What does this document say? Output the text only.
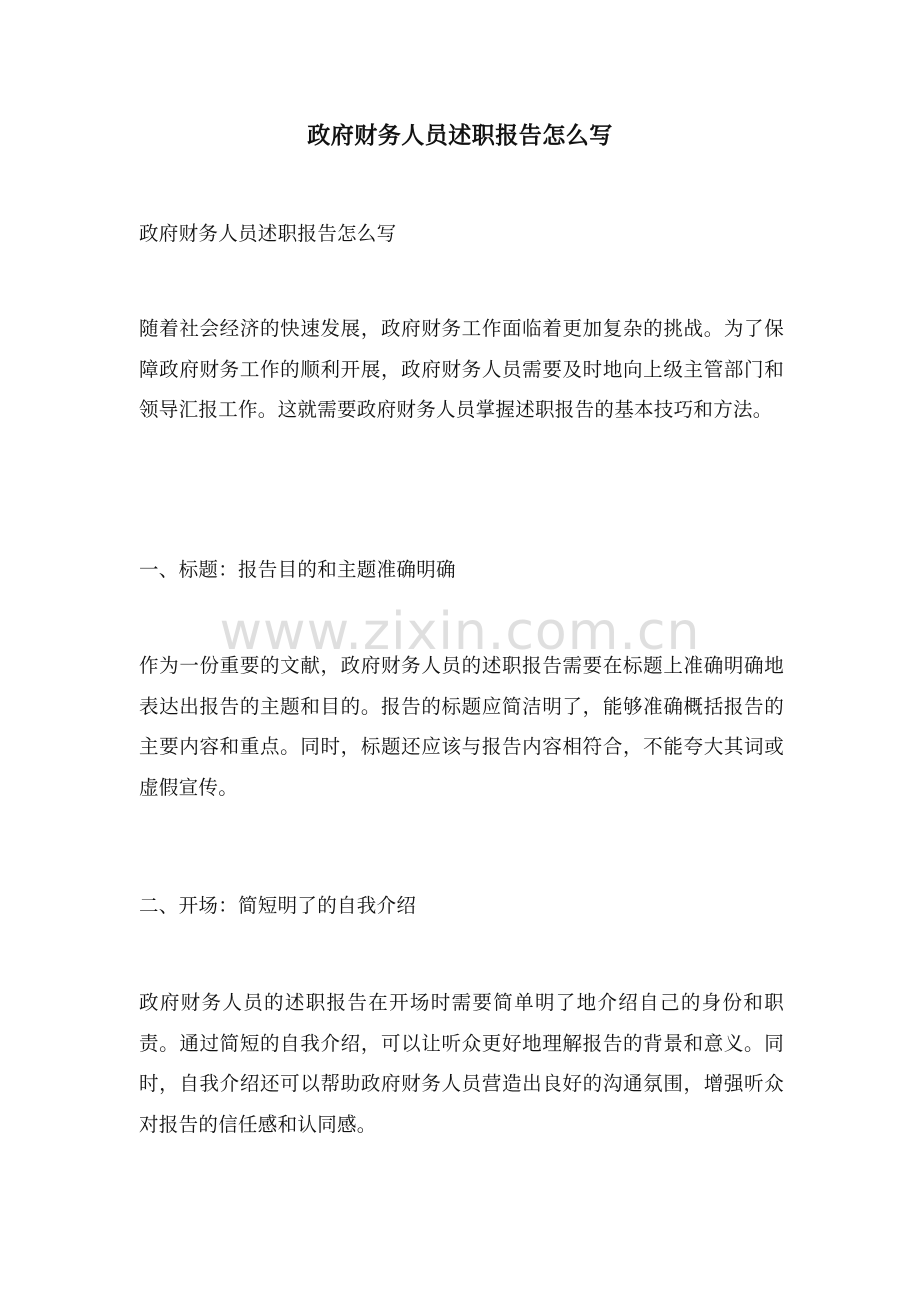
政府财务人员述职报告怎么写
政府财务人员述职报告怎么写
随着社会经济的快速发展，政府财务工作面临着更加复杂的挑战。为了保障政府财务工作的顺利开展，政府财务人员需要及时地向上级主管部门和领导汇报工作。这就需要政府财务人员掌握述职报告的基本技巧和方法。
一、标题：报告目的和主题准确明确
作为一份重要的文献，政府财务人员的述职报告需要在标题上准确明确地表达出报告的主题和目的。报告的标题应简洁明了，能够准确概括报告的主要内容和重点。同时，标题还应该与报告内容相符合，不能夸大其词或虚假宣传。
二、开场：简短明了的自我介绍
政府财务人员的述职报告在开场时需要简单明了地介绍自己的身份和职责。通过简短的自我介绍，可以让听众更好地理解报告的背景和意义。同时，自我介绍还可以帮助政府财务人员营造出良好的沟通氛围，增强听众对报告的信任感和认同感。
www.zixin.com.cn
